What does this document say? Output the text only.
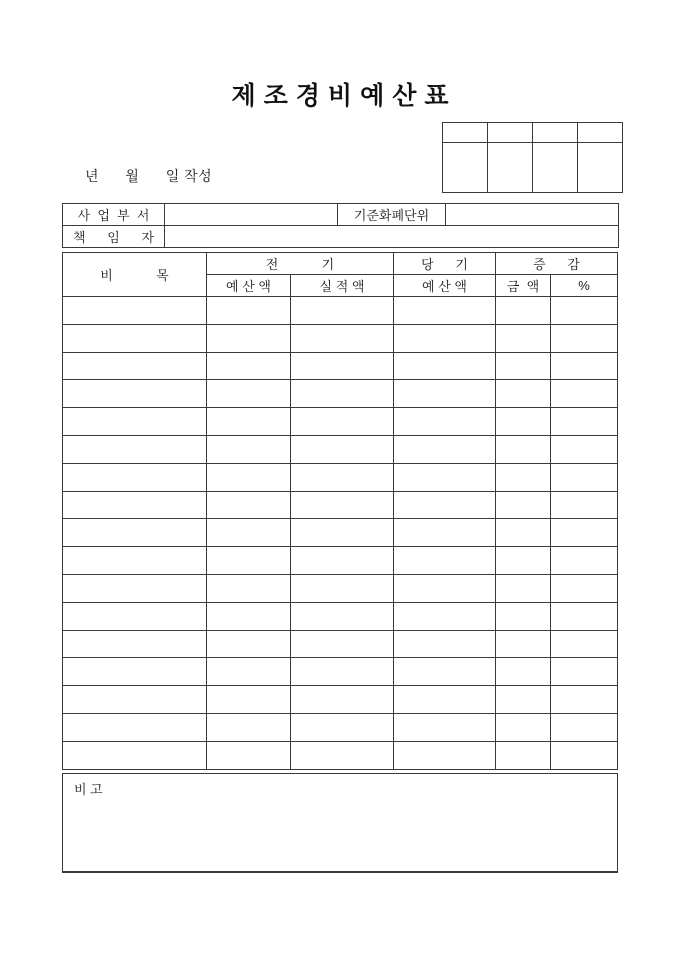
제조경비예산표

년      월      일 작성
사  업  부  서		기준화폐단위	
책      임      자			
비            목	전            기		당      기	증      감	
	예 산 액	실 적 액	예 산 액	금  액	%

비 고
